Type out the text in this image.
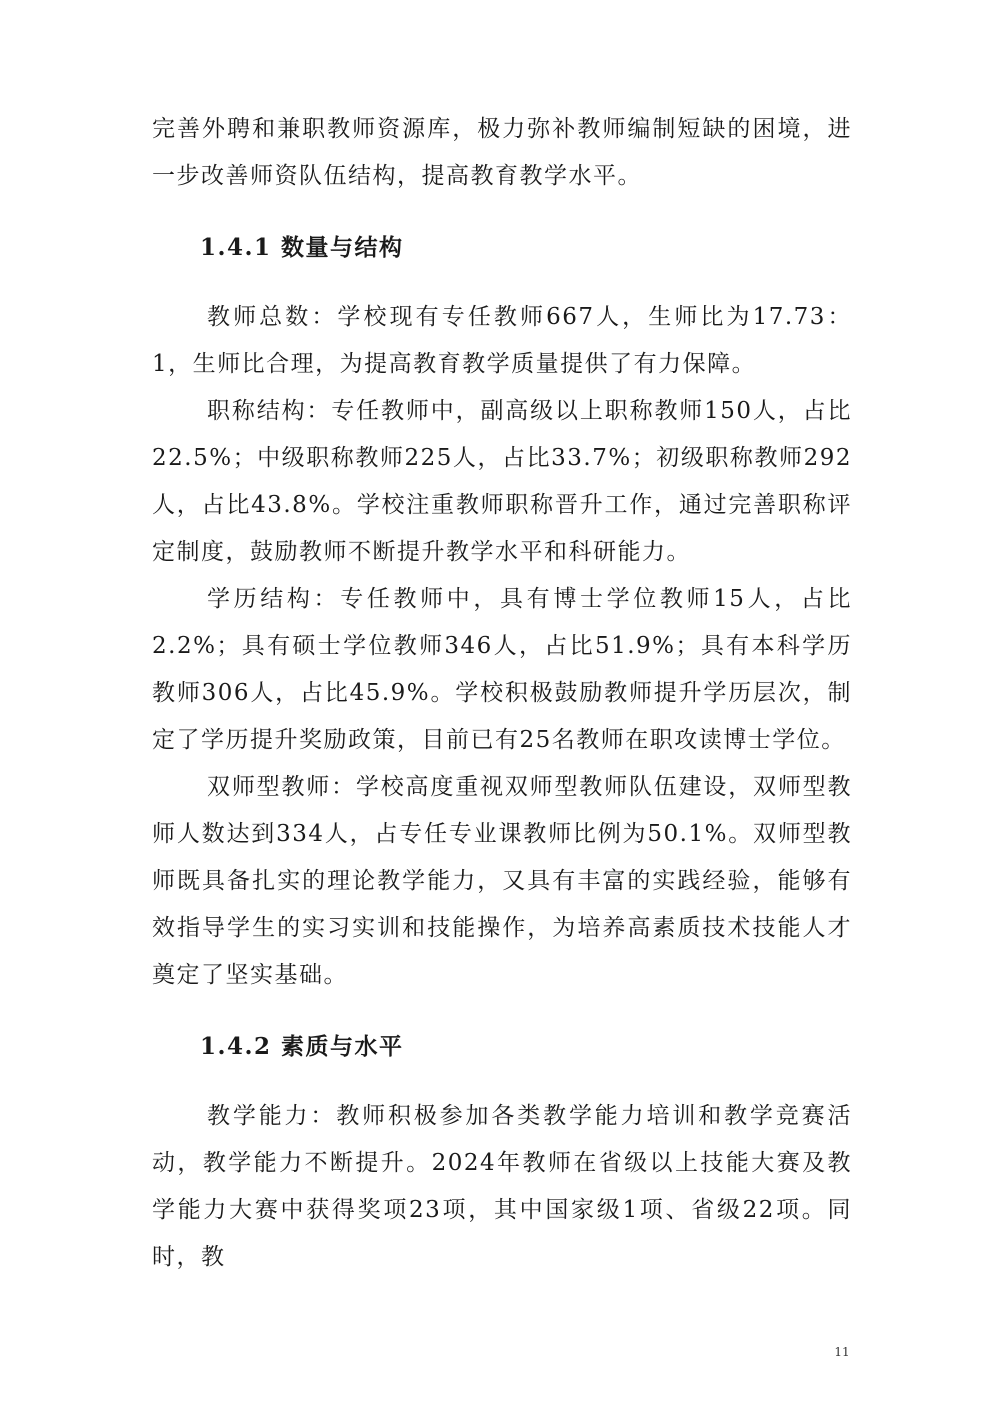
完善外聘和兼职教师资源库，极力弥补教师编制短缺的困境，进一步改善师资队伍结构，提高教育教学水平。

1.4.1 数量与结构

教师总数：学校现有专任教师667人，生师比为17.73：1，生师比合理，为提高教育教学质量提供了有力保障。

职称结构：专任教师中，副高级以上职称教师150人，占比22.5%；中级职称教师225人，占比33.7%；初级职称教师292人，占比43.8%。学校注重教师职称晋升工作，通过完善职称评定制度，鼓励教师不断提升教学水平和科研能力。

学历结构：专任教师中，具有博士学位教师15人，占比2.2%；具有硕士学位教师346人，占比51.9%；具有本科学历教师306人，占比45.9%。学校积极鼓励教师提升学历层次，制定了学历提升奖励政策，目前已有25名教师在职攻读博士学位。

双师型教师：学校高度重视双师型教师队伍建设，双师型教师人数达到334人，占专任专业课教师比例为50.1%。双师型教师既具备扎实的理论教学能力，又具有丰富的实践经验，能够有效指导学生的实习实训和技能操作，为培养高素质技术技能人才奠定了坚实基础。

1.4.2 素质与水平

教学能力：教师积极参加各类教学能力培训和教学竞赛活动，教学能力不断提升。2024年教师在省级以上技能大赛及教学能力大赛中获得奖项23项，其中国家级1项、省级22项。同时，教

11
